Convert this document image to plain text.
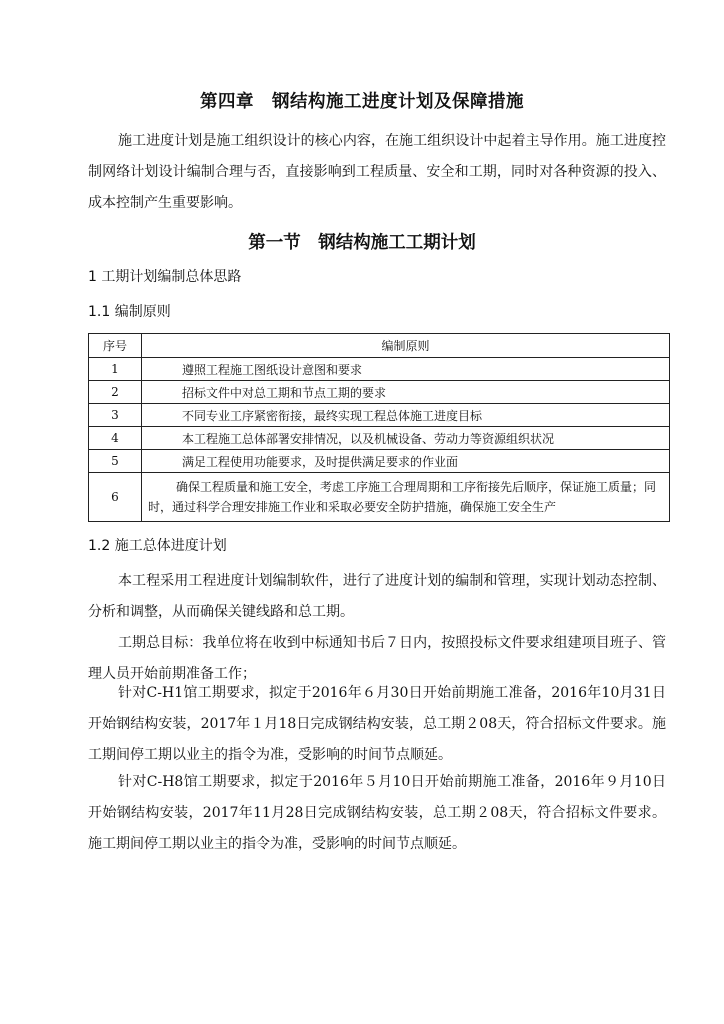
第四章　钢结构施工进度计划及保障措施

施工进度计划是施工组织设计的核心内容，在施工组织设计中起着主导作用。施工进度控制网络计划设计编制合理与否，直接影响到工程质量、安全和工期，同时对各种资源的投入、成本控制产生重要影响。

第一节　钢结构施工工期计划
1 工期计划编制总体思路
1.1 编制原则
序号	编制原则
1	遵照工程施工图纸设计意图和要求
2	招标文件中对总工期和节点工期的要求
3	不同专业工序紧密衔接，最终实现工程总体施工进度目标
4	本工程施工总体部署安排情况，以及机械设备、劳动力等资源组织状况
5	满足工程使用功能要求，及时提供满足要求的作业面
6	确保工程质量和施工安全，考虑工序施工合理周期和工序衔接先后顺序，保证施工质量；同时，通过科学合理安排施工作业和采取必要安全防护措施，确保施工安全生产
1.2 施工总体进度计划

本工程采用工程进度计划编制软件，进行了进度计划的编制和管理，实现计划动态控制、分析和调整，从而确保关键线路和总工期。

工期总目标：我单位将在收到中标通知书后７日内，按照投标文件要求组建项目班子、管理人员开始前期准备工作；

针对C-H1馆工期要求，拟定于2016年６月30日开始前期施工准备，2016年10月31日开始钢结构安装，2017年１月18日完成钢结构安装，总工期２08天，符合招标文件要求。施工期间停工期以业主的指令为准，受影响的时间节点顺延。

针对C-H8馆工期要求，拟定于2016年５月10日开始前期施工准备，2016年９月10日开始钢结构安装，2017年11月28日完成钢结构安装，总工期２08天，符合招标文件要求。施工期间停工期以业主的指令为准，受影响的时间节点顺延。
